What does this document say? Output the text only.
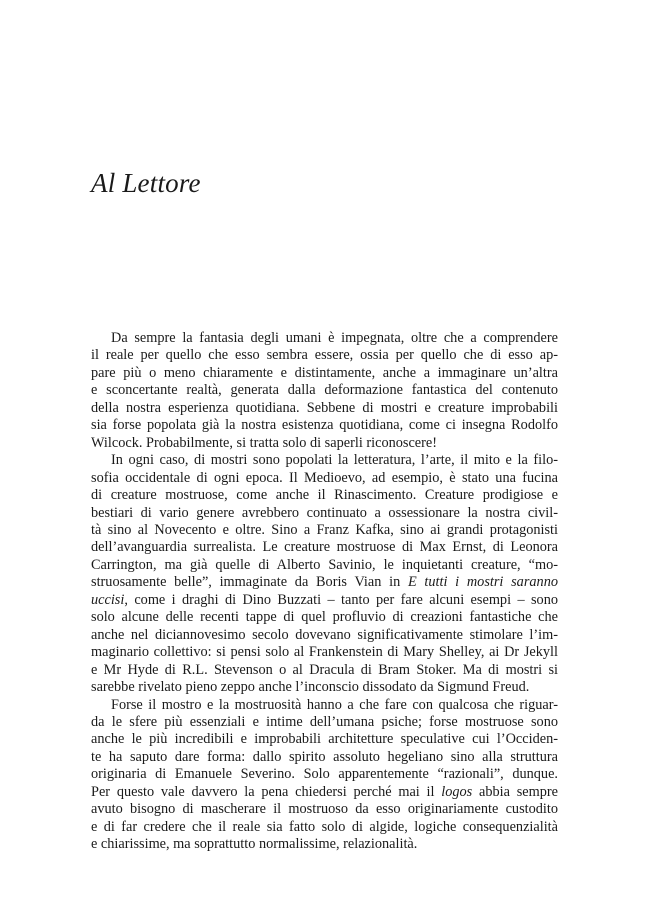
Al Lettore

Da sempre la fantasia degli umani è impegnata, oltre che a comprendere
il reale per quello che esso sembra essere, ossia per quello che di esso ap-
pare più o meno chiaramente e distintamente, anche a immaginare un’altra
e sconcertante realtà, generata dalla deformazione fantastica del contenuto
della nostra esperienza quotidiana. Sebbene di mostri e creature improbabili
sia forse popolata già la nostra esistenza quotidiana, come ci insegna Rodolfo
Wilcock. Probabilmente, si tratta solo di saperli riconoscere!

In ogni caso, di mostri sono popolati la letteratura, l’arte, il mito e la filo-
sofia occidentale di ogni epoca. Il Medioevo, ad esempio, è stato una fucina
di creature mostruose, come anche il Rinascimento. Creature prodigiose e
bestiari di vario genere avrebbero continuato a ossessionare la nostra civil-
tà sino al Novecento e oltre. Sino a Franz Kafka, sino ai grandi protagonisti
dell’avanguardia surrealista. Le creature mostruose di Max Ernst, di Leonora
Carrington, ma già quelle di Alberto Savinio, le inquietanti creature, “mo-
struosamente belle”, immaginate da Boris Vian in E tutti i mostri saranno
uccisi, come i draghi di Dino Buzzati – tanto per fare alcuni esempi – sono
solo alcune delle recenti tappe di quel profluvio di creazioni fantastiche che
anche nel diciannovesimo secolo dovevano significativamente stimolare l’im-
maginario collettivo: si pensi solo al Frankenstein di Mary Shelley, ai Dr Jekyll
e Mr Hyde di R.L. Stevenson o al Dracula di Bram Stoker. Ma di mostri si
sarebbe rivelato pieno zeppo anche l’inconscio dissodato da Sigmund Freud.

Forse il mostro e la mostruosità hanno a che fare con qualcosa che riguar-
da le sfere più essenziali e intime dell’umana psiche; forse mostruose sono
anche le più incredibili e improbabili architetture speculative cui l’Occiden-
te ha saputo dare forma: dallo spirito assoluto hegeliano sino alla struttura
originaria di Emanuele Severino. Solo apparentemente “razionali”, dunque.
Per questo vale davvero la pena chiedersi perché mai il logos abbia sempre
avuto bisogno di mascherare il mostruoso da esso originariamente custodito
e di far credere che il reale sia fatto solo di algide, logiche consequenzialità
e chiarissime, ma soprattutto normalissime, relazionalità.
